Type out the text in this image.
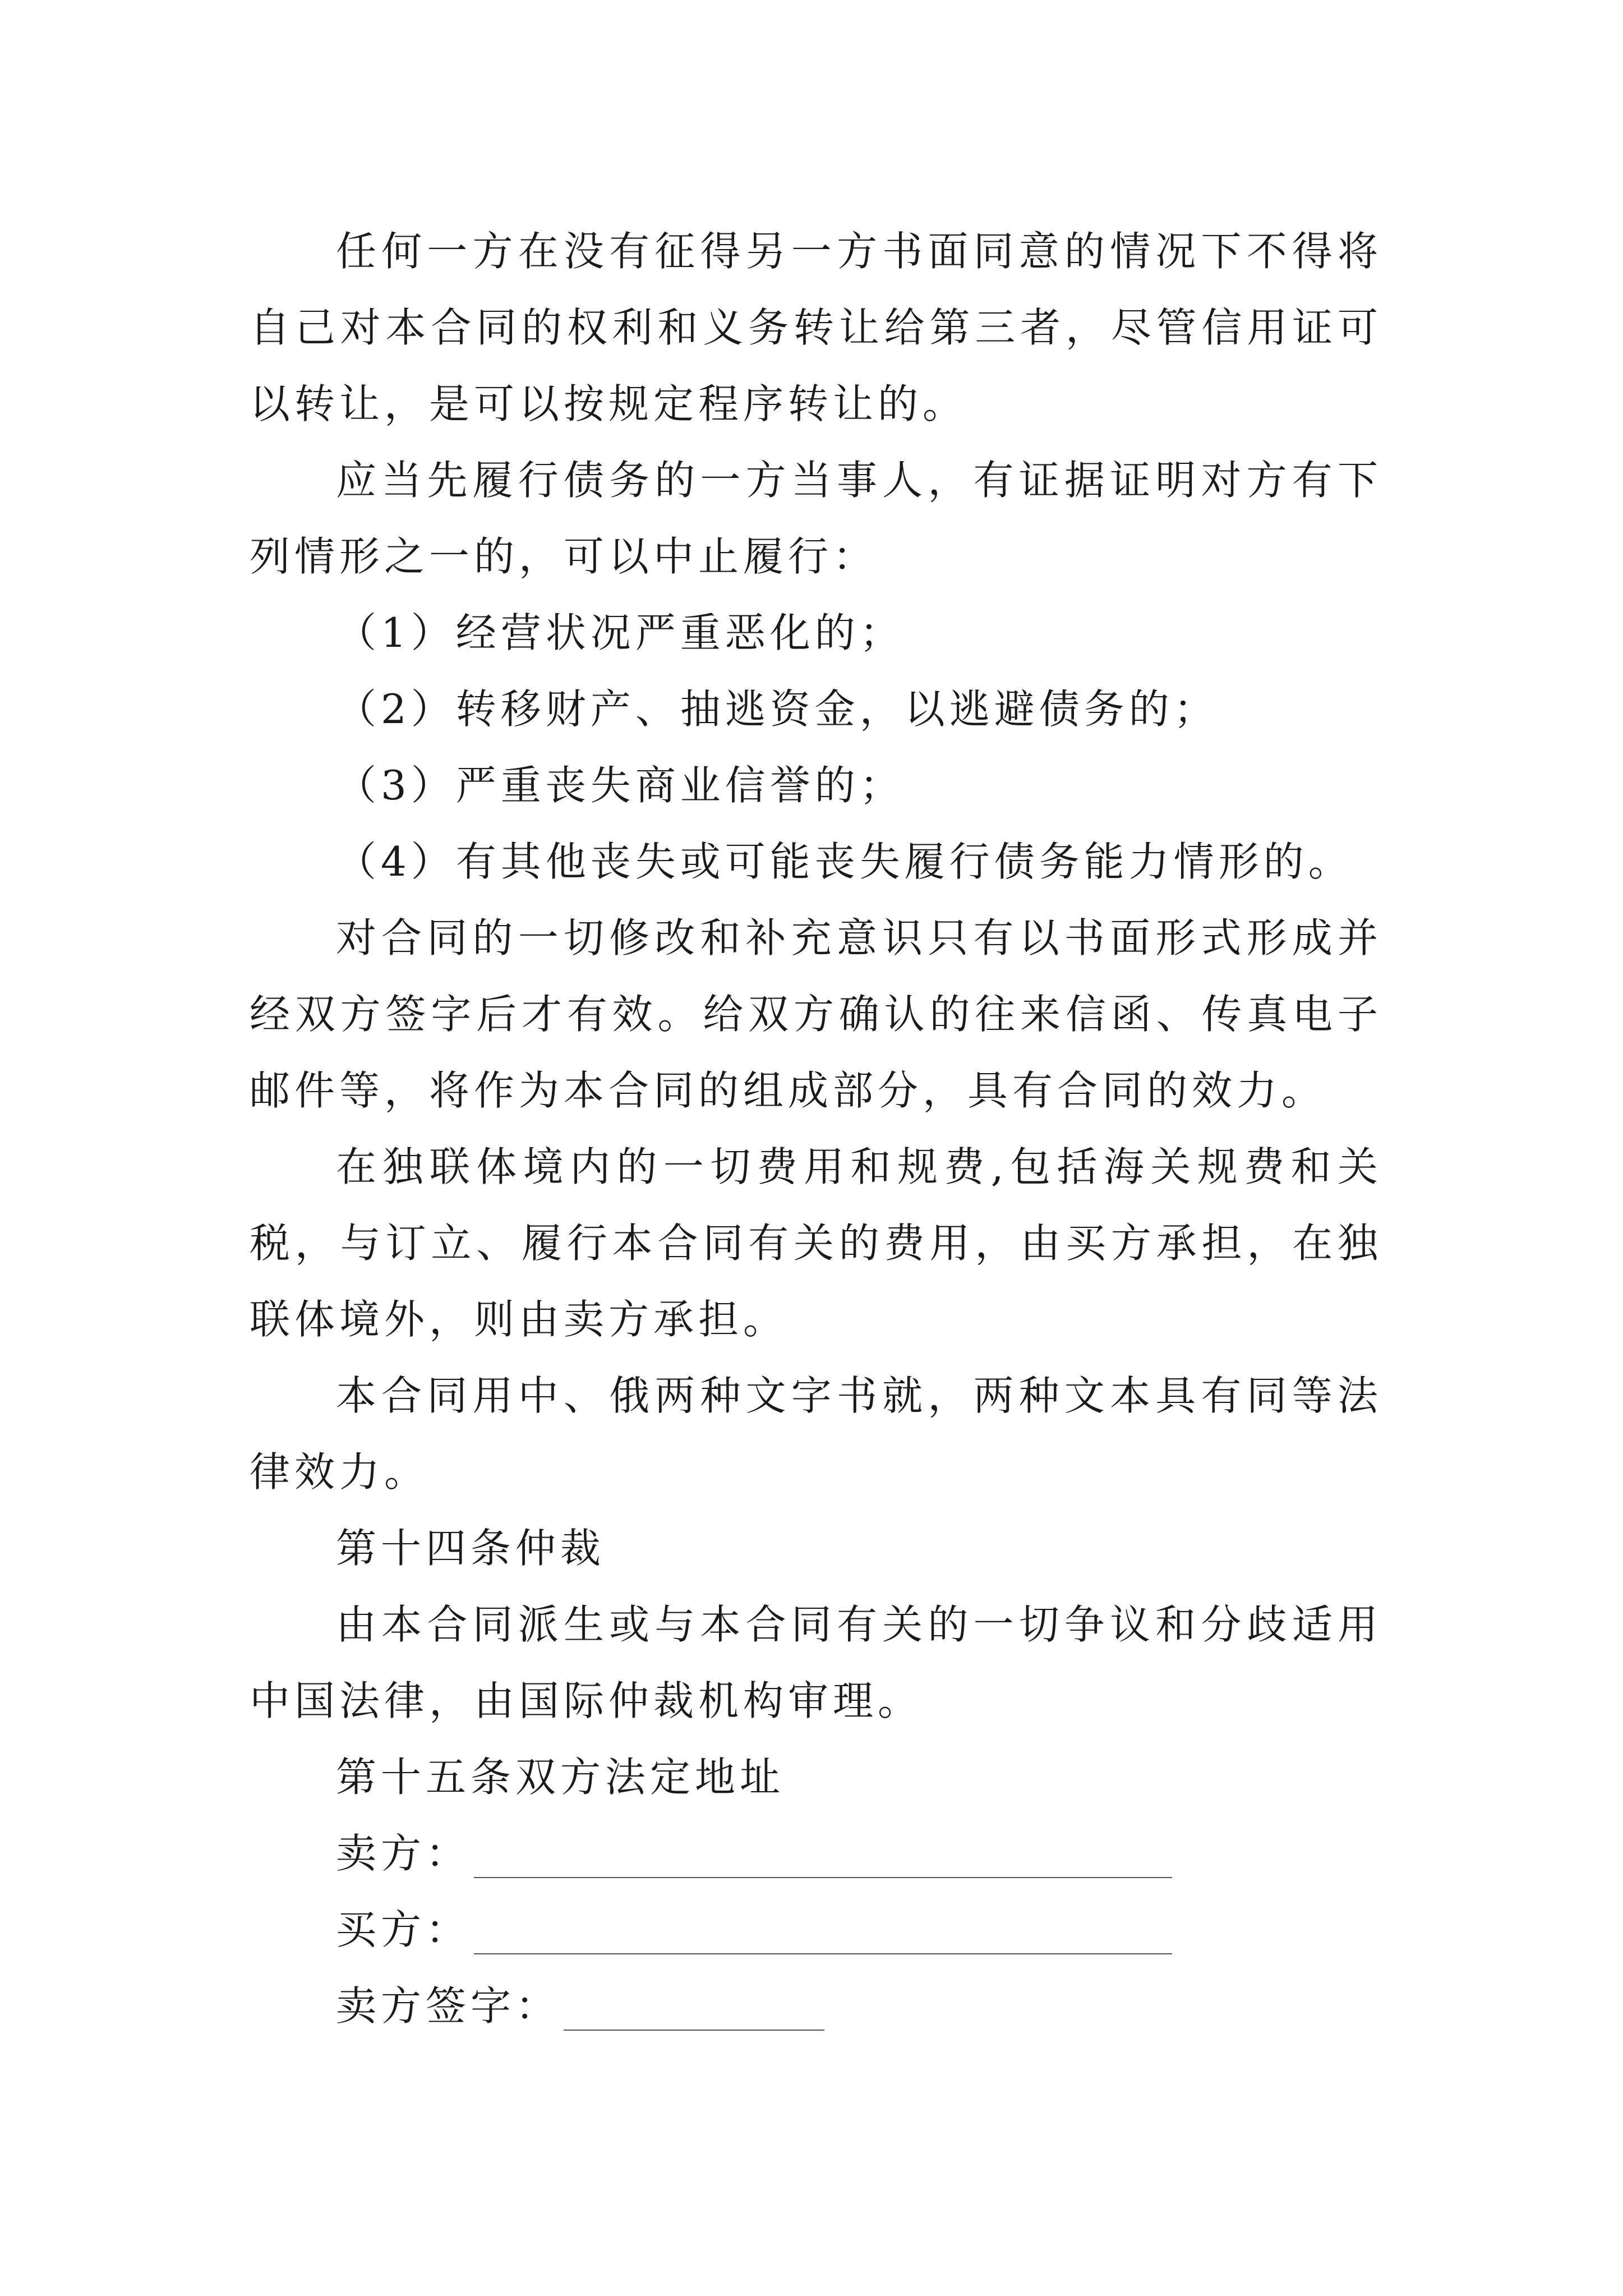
任何一方在没有征得另一方书面同意的情况下不得将自己对本合同的权利和义务转让给第三者，尽管信用证可以转让，是可以按规定程序转让的。

应当先履行债务的一方当事人，有证据证明对方有下列情形之一的，可以中止履行：

（1）经营状况严重恶化的；

（2）转移财产、抽逃资金，以逃避债务的；

（3）严重丧失商业信誉的；

（4）有其他丧失或可能丧失履行债务能力情形的。

对合同的一切修改和补充意识只有以书面形式形成并经双方签字后才有效。给双方确认的往来信函、传真电子邮件等，将作为本合同的组成部分，具有合同的效力。

在独联体境内的一切费用和规费,包括海关规费和关税，与订立、履行本合同有关的费用，由买方承担，在独联体境外，则由卖方承担。

本合同用中、俄两种文字书就，两种文本具有同等法律效力。

第十四条仲裁

由本合同派生或与本合同有关的一切争议和分歧适用中国法律，由国际仲裁机构审理。

第十五条双方法定地址

卖方：
买方：
卖方签字：
